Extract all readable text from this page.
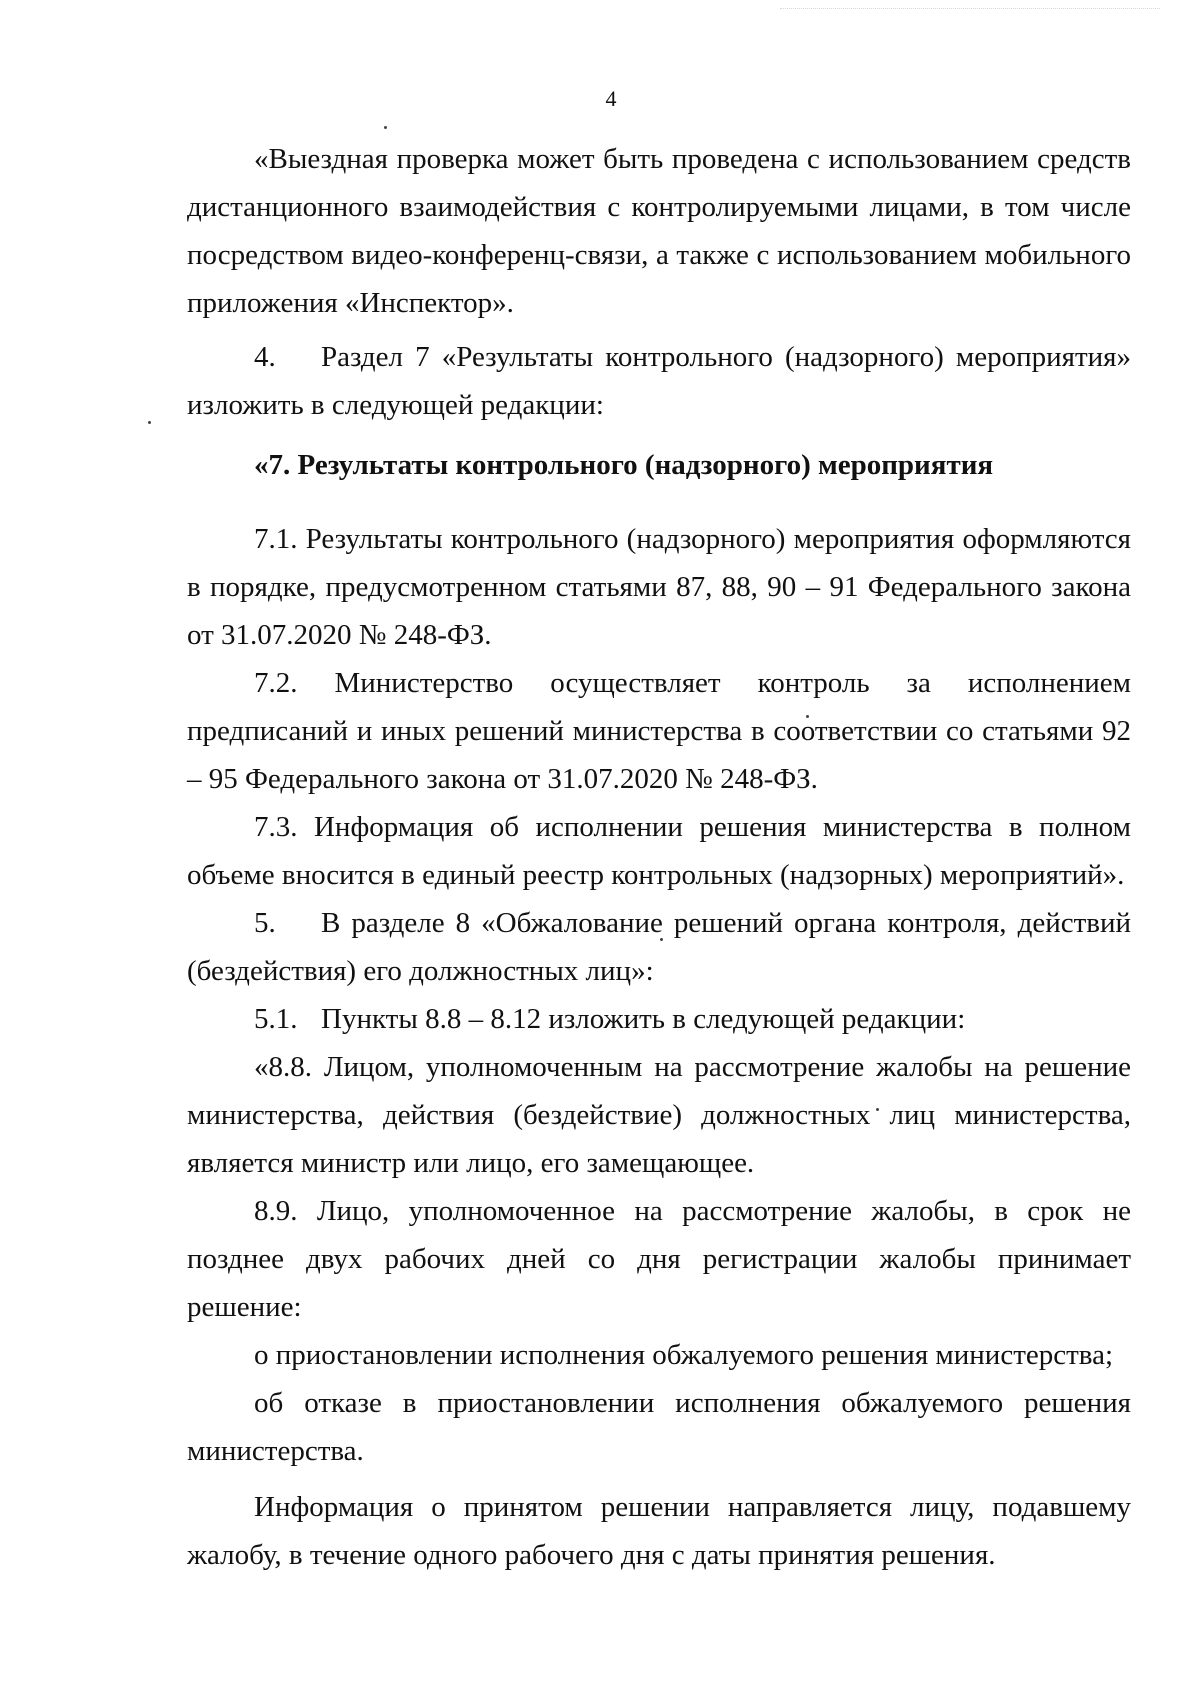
4

«Выездная проверка может быть проведена с использованием средств дистанционного взаимодействия с контролируемыми лицами, в том числе посредством видео-конференц-связи, а также с использованием мобильного приложения «Инспектор».

4. Раздел 7 «Результаты контрольного (надзорного) мероприятия» изложить в следующей редакции:

«7. Результаты контрольного (надзорного) мероприятия

7.1. Результаты контрольного (надзорного) мероприятия оформляются в порядке, предусмотренном статьями 87, 88, 90 – 91 Федерального закона от 31.07.2020 № 248-ФЗ.

7.2. Министерство осуществляет контроль за исполнением предписаний и иных решений министерства в соответствии со статьями 92 – 95 Федерального закона от 31.07.2020 № 248-ФЗ.

7.3. Информация об исполнении решения министерства в полном объеме вносится в единый реестр контрольных (надзорных) мероприятий».

5. В разделе 8 «Обжалование решений органа контроля, действий (бездействия) его должностных лиц»:

5.1. Пункты 8.8 – 8.12 изложить в следующей редакции:

«8.8. Лицом, уполномоченным на рассмотрение жалобы на решение министерства, действия (бездействие) должностных лиц министерства, является министр или лицо, его замещающее.

8.9. Лицо, уполномоченное на рассмотрение жалобы, в срок не позднее двух рабочих дней со дня регистрации жалобы принимает решение:

о приостановлении исполнения обжалуемого решения министерства;

об отказе в приостановлении исполнения обжалуемого решения министерства.

Информация о принятом решении направляется лицу, подавшему жалобу, в течение одного рабочего дня с даты принятия решения.
